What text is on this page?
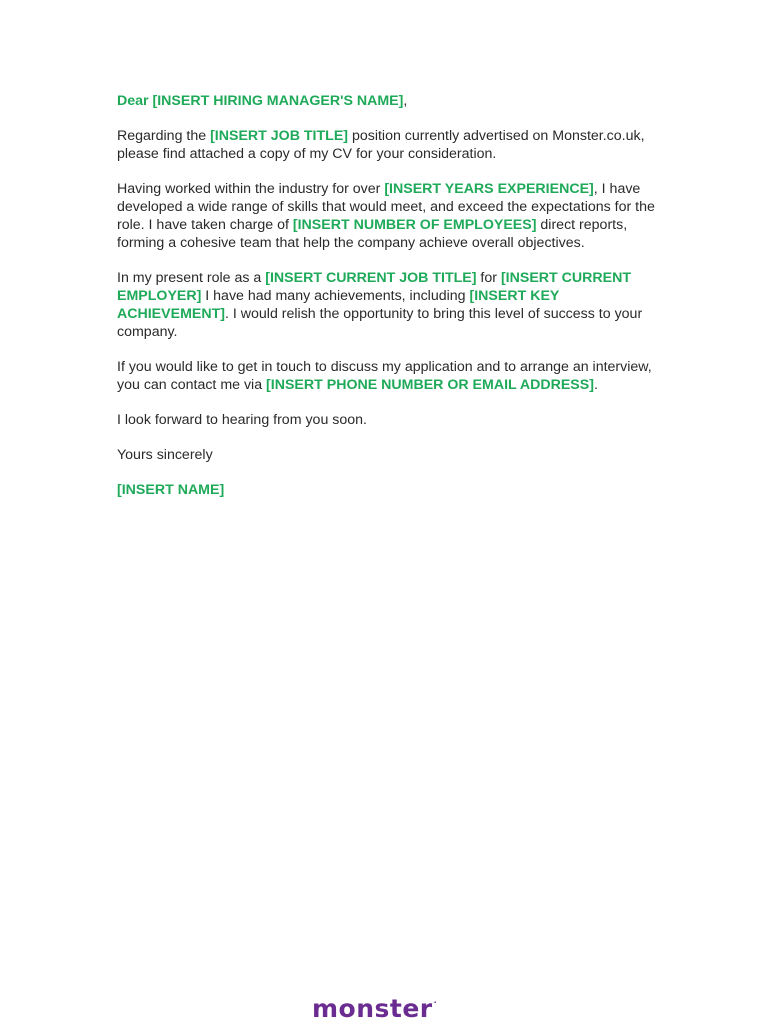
Dear [INSERT HIRING MANAGER'S NAME],

Regarding the [INSERT JOB TITLE] position currently advertised on Monster.co.uk, please find attached a copy of my CV for your consideration.

Having worked within the industry for over [INSERT YEARS EXPERIENCE], I have developed a wide range of skills that would meet, and exceed the expectations for the role. I have taken charge of [INSERT NUMBER OF EMPLOYEES] direct reports, forming a cohesive team that help the company achieve overall objectives.

In my present role as a [INSERT CURRENT JOB TITLE] for [INSERT CURRENT EMPLOYER] I have had many achievements, including [INSERT KEY ACHIEVEMENT]. I would relish the opportunity to bring this level of success to your company.

If you would like to get in touch to discuss my application and to arrange an interview, you can contact me via [INSERT PHONE NUMBER OR EMAIL ADDRESS].

I look forward to hearing from you soon.

Yours sincerely

[INSERT NAME]

monster·
